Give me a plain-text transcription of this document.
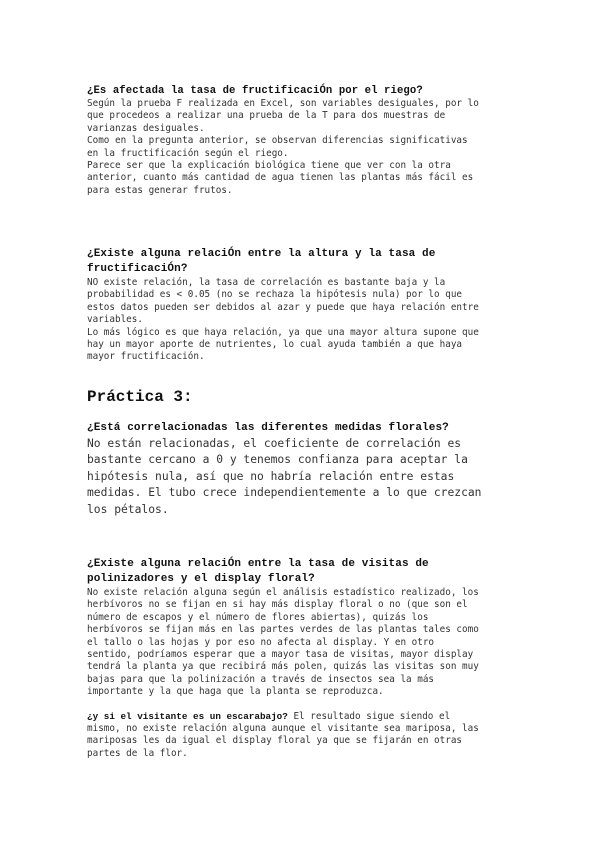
¿Es afectada la tasa de fructificaciÓn por el riego?

Según la prueba F realizada en Excel, son variables desiguales, por lo
que procedeos a realizar una prueba de la T para dos muestras de
varianzas desiguales.

Como en la pregunta anterior, se observan diferencias significativas
en la fructificación según el riego.

Parece ser que la explicación biológica tiene que ver con la otra
anterior, cuanto más cantidad de agua tienen las plantas más fácil es
para estas generar frutos.

¿Existe alguna relaciÓn entre la altura y la tasa de
fructificaciÓn?

NO existe relación, la tasa de correlación es bastante baja y la
probabilidad es < 0.05 (no se rechaza la hipótesis nula) por lo que
estos datos pueden ser debidos al azar y puede que haya relación entre
variables.

Lo más lógico es que haya relación, ya que una mayor altura supone que
hay un mayor aporte de nutrientes, lo cual ayuda también a que haya
mayor fructificación.

Práctica 3:
¿Está correlacionadas las diferentes medidas florales?

No están relacionadas, el coeficiente de correlación es
bastante cercano a 0 y tenemos confianza para aceptar la
hipótesis nula, así que no habría relación entre estas
medidas. El tubo crece independientemente a lo que crezcan
los pétalos.

¿Existe alguna relaciÓn entre la tasa de visitas de
polinizadores y el display floral?

No existe relación alguna según el análisis estadístico realizado, los
herbívoros no se fijan en si hay más display floral o no (que son el
número de escapos y el número de flores abiertas), quizás los
herbívoros se fijan más en las partes verdes de las plantas tales como
el tallo o las hojas y por eso no afecta al display. Y en otro
sentido, podríamos esperar que a mayor tasa de visitas, mayor display
tendrá la planta ya que recibirá más polen, quizás las visitas son muy
bajas para que la polinización a través de insectos sea la más
importante y la que haga que la planta se reproduzca.

¿y si el visitante es un escarabajo? El resultado sigue siendo el
mismo, no existe relación alguna aunque el visitante sea mariposa, las
mariposas les da igual el display floral ya que se fijarán en otras
partes de la flor.
